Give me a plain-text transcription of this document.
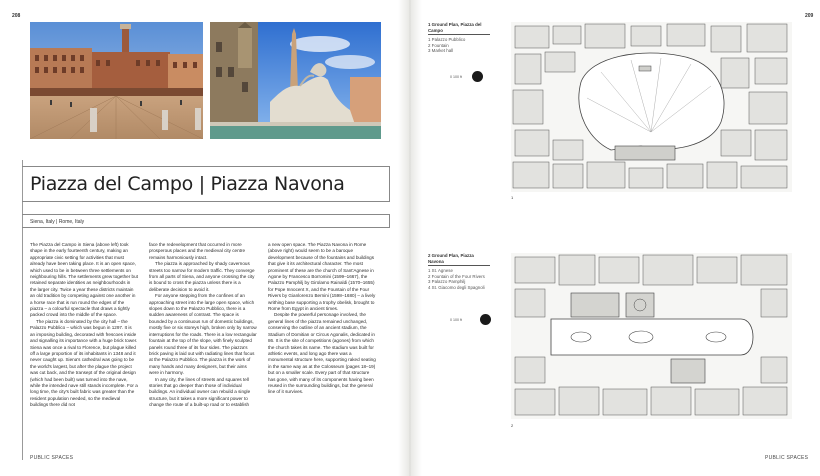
208	209
Piazza del Campo | Piazza Navona
Siena, Italy | Rome, Italy

The Piazza del Campo in Siena (above left) took shape in the early fourteenth century, making an appropriate civic setting for activities that must already have been taking place. It is an open space, which used to be in between three settlements on neighbouring hills. The settlements grew together but retained separate identities as neighbourhoods in the larger city. Twice a year these districts maintain an old tradition by competing against one another in a horse race that is run round the edges of the piazza – a colourful spectacle that draws a tightly packed crowd into the middle of the space.

The piazza is dominated by the city hall – the Palazzo Pubblico – which was begun in 1297. It is an imposing building, decorated with frescoes inside and signalling its importance with a huge brick tower. Siena was once a rival to Florence, but plague killed off a large proportion of its inhabitants in 1348 and it never caught up. Siena's cathedral was going to be the world's largest, but after the plague the project was cut back, and the transept of the original design (which had been built) was turned into the nave, while the intended nave still stands incomplete. For a long time, the city's built fabric was greater than the resident population needed, so the medieval buildings there did not

face the redevelopment that occurred in more prosperous places and the medieval city centre remains harmoniously intact.

The piazza is approached by shady cavernous streets too narrow for modern traffic. They converge from all parts of Siena, and anyone crossing the city is bound to cross the piazza unless there is a deliberate decision to avoid it.

For anyone stepping from the confines of an approaching street into the large open space, which slopes down to the Palazzo Pubblico, there is a sudden awareness of contrast. The space is bounded by a continuous run of domestic buildings, mostly five or six storeys high, broken only by narrow interruptions for the roads. There is a low rectangular fountain at the top of the slope, with finely sculpted panels round three of its four sides. The piazza's brick paving is laid out with radiating lines that focus at the Palazzo Pubblico. The piazza is the work of many hands and many designers, but their aims were in harmony.

In any city, the lines of streets and squares tell stories that go deeper than those of individual buildings. An individual owner can rebuild a single structure, but it takes a more significant power to change the route of a built-up road or to establish

a new open space. The Piazza Navona in Rome (above right) would seem to be a baroque development because of the fountains and buildings that give it its architectural character. The most prominent of these are the church of Sant'Agnese in Agone by Francesco Borromini (1599–1667), the Palazzo Pamphilj by Girolamo Rainaldi (1570–1655) for Pope Innocent X, and the Fountain of the Four Rivers by Gianlorenzo Bernini (1598–1680) – a lively writhing base supporting a trophy obelisk, brought to Rome from Egypt in ancient times.

Despite the powerful personage involved, the general lines of the piazza remained unchanged, conserving the outline of an ancient stadium, the Stadium of Domitian or Circus Agonalis, dedicated in 86. It is the site of competitions (agones) from which the church takes its name. The stadium was built for athletic events, and long ago there was a monumental structure here, supporting raked seating in the same way as at the Colosseum (pages 18–19) but on a smaller scale. Every part of that structure has gone, with many of its components having been reused in the surrounding buildings, but the general line of it survives.

PUBLIC SPACES
1 Ground Plan, Piazza del Campo
1 Palazzo Pubblico
2 Fountain
3 Market hall
0 100 ft
1
2 Ground Plan, Piazza Navona
1 St. Agnese
2 Fountain of the Four Rivers
3 Palazzo Pamphilj
4 St. Giacomo degli Spagnoli
0 100 ft
2
PUBLIC SPACES
